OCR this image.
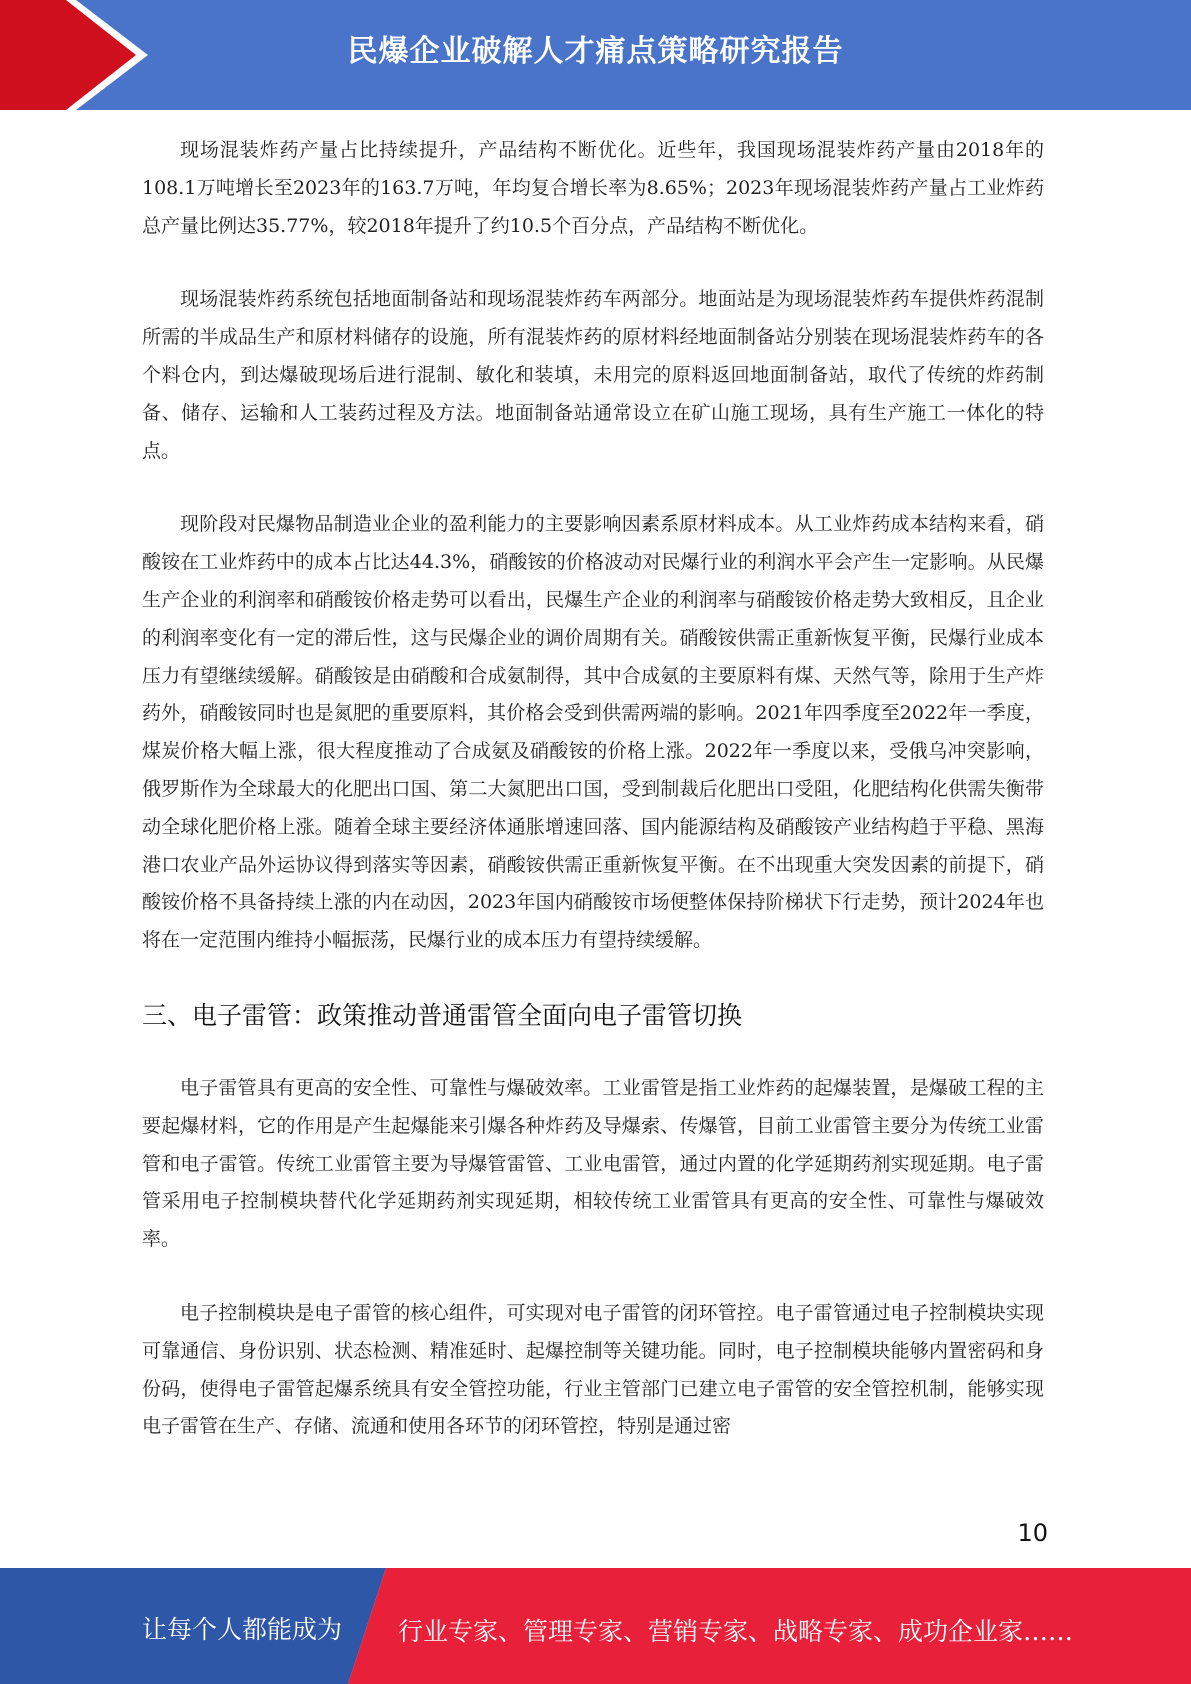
民爆企业破解人才痛点策略研究报告

现场混装炸药产量占比持续提升，产品结构不断优化。近些年，我国现场混装炸药产量由2018年的108.1万吨增长至2023年的163.7万吨，年均复合增长率为8.65%；2023年现场混装炸药产量占工业炸药总产量比例达35.77%，较2018年提升了约10.5个百分点，产品结构不断优化。

现场混装炸药系统包括地面制备站和现场混装炸药车两部分。地面站是为现场混装炸药车提供炸药混制所需的半成品生产和原材料储存的设施，所有混装炸药的原材料经地面制备站分别装在现场混装炸药车的各个料仓内，到达爆破现场后进行混制、敏化和装填，未用完的原料返回地面制备站，取代了传统的炸药制备、储存、运输和人工装药过程及方法。地面制备站通常设立在矿山施工现场，具有生产施工一体化的特点。

现阶段对民爆物品制造业企业的盈利能力的主要影响因素系原材料成本。从工业炸药成本结构来看，硝酸铵在工业炸药中的成本占比达44.3%，硝酸铵的价格波动对民爆行业的利润水平会产生一定影响。从民爆生产企业的利润率和硝酸铵价格走势可以看出，民爆生产企业的利润率与硝酸铵价格走势大致相反，且企业的利润率变化有一定的滞后性，这与民爆企业的调价周期有关。硝酸铵供需正重新恢复平衡，民爆行业成本压力有望继续缓解。硝酸铵是由硝酸和合成氨制得，其中合成氨的主要原料有煤、天然气等，除用于生产炸药外，硝酸铵同时也是氮肥的重要原料，其价格会受到供需两端的影响。2021年四季度至2022年一季度，煤炭价格大幅上涨，很大程度推动了合成氨及硝酸铵的价格上涨。2022年一季度以来，受俄乌冲突影响，俄罗斯作为全球最大的化肥出口国、第二大氮肥出口国，受到制裁后化肥出口受阻，化肥结构化供需失衡带动全球化肥价格上涨。随着全球主要经济体通胀增速回落、国内能源结构及硝酸铵产业结构趋于平稳、黑海港口农业产品外运协议得到落实等因素，硝酸铵供需正重新恢复平衡。在不出现重大突发因素的前提下，硝酸铵价格不具备持续上涨的内在动因，2023年国内硝酸铵市场便整体保持阶梯状下行走势，预计2024年也将在一定范围内维持小幅振荡，民爆行业的成本压力有望持续缓解。

三、电子雷管：政策推动普通雷管全面向电子雷管切换

电子雷管具有更高的安全性、可靠性与爆破效率。工业雷管是指工业炸药的起爆装置，是爆破工程的主要起爆材料，它的作用是产生起爆能来引爆各种炸药及导爆索、传爆管，目前工业雷管主要分为传统工业雷管和电子雷管。传统工业雷管主要为导爆管雷管、工业电雷管，通过内置的化学延期药剂实现延期。电子雷管采用电子控制模块替代化学延期药剂实现延期，相较传统工业雷管具有更高的安全性、可靠性与爆破效率。

电子控制模块是电子雷管的核心组件，可实现对电子雷管的闭环管控。电子雷管通过电子控制模块实现可靠通信、身份识别、状态检测、精准延时、起爆控制等关键功能。同时，电子控制模块能够内置密码和身份码，使得电子雷管起爆系统具有安全管控功能，行业主管部门已建立电子雷管的安全管控机制，能够实现电子雷管在生产、存储、流通和使用各环节的闭环管控，特别是通过密

10
让每个人都能成为 行业专家、管理专家、营销专家、战略专家、成功企业家……
